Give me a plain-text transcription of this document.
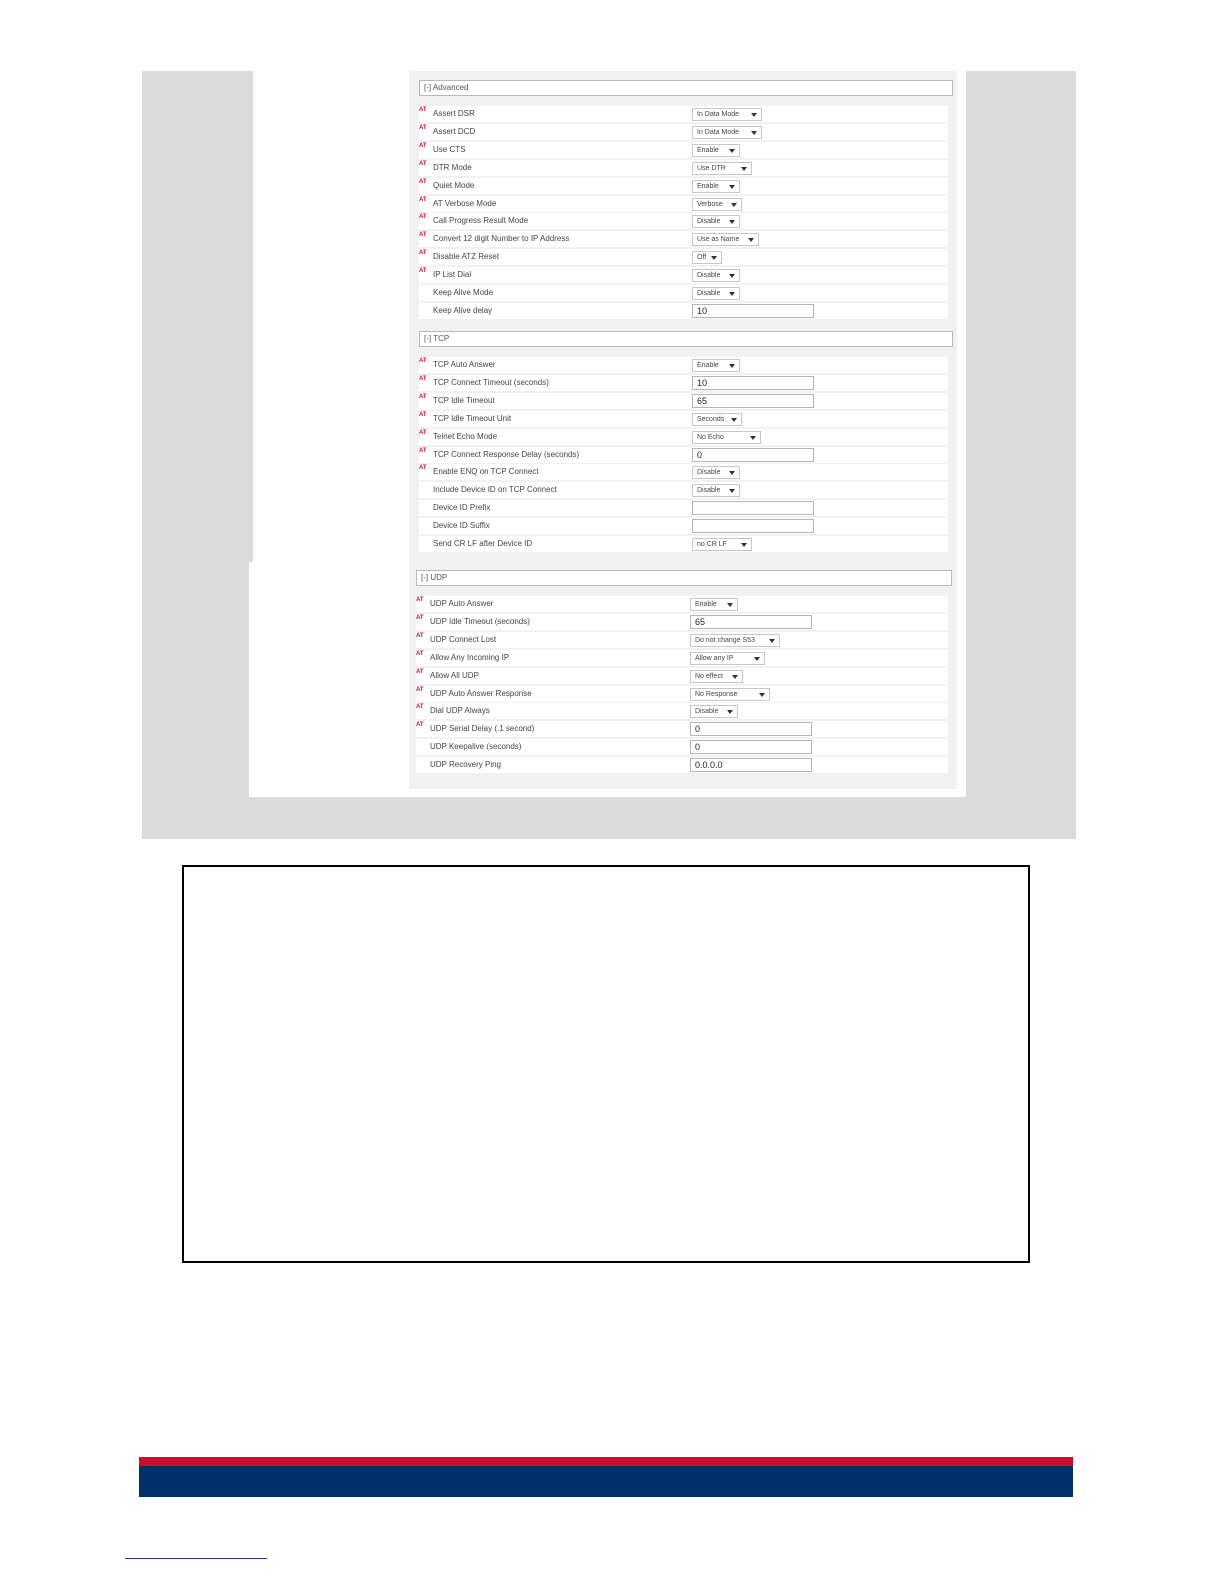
[-] Advanced
[-] TCP
[-] UDP
AT Assert DSR	In Data Mode
AT Assert DCD	In Data Mode
AT Use CTS	Enable
AT DTR Mode	Use DTR
AT Quiet Mode	Enable
AT AT Verbose Mode	Verbose
AT Call Progress Result Mode	Disable
AT Convert 12 digit Number to IP Address	Use as Name
AT Disable ATZ Reset	Off
AT IP List Dial	Disable
Keep Alive Mode	Disable
Keep Alive delay	10
AT TCP Auto Answer	Enable
AT TCP Connect Timeout (seconds)	10
AT TCP Idle Timeout	65
AT TCP Idle Timeout Unit	Seconds
AT Telnet Echo Mode	No Echo
AT TCP Connect Response Delay (seconds)	0
AT Enable ENQ on TCP Connect	Disable
Include Device ID on TCP Connect	Disable
Device ID Prefix
Device ID Suffix
Send CR LF after Device ID	no CR LF
AT UDP Auto Answer	Enable
AT UDP Idle Timeout (seconds)	65
AT UDP Connect Lost	Do not change S53
AT Allow Any Incoming IP	Allow any IP
AT Allow All UDP	No effect
AT UDP Auto Answer Response	No Response
AT Dial UDP Always	Disable
AT UDP Serial Delay (.1 second)	0
UDP Keepalive (seconds)	0
UDP Recovery Ping	0.0.0.0
